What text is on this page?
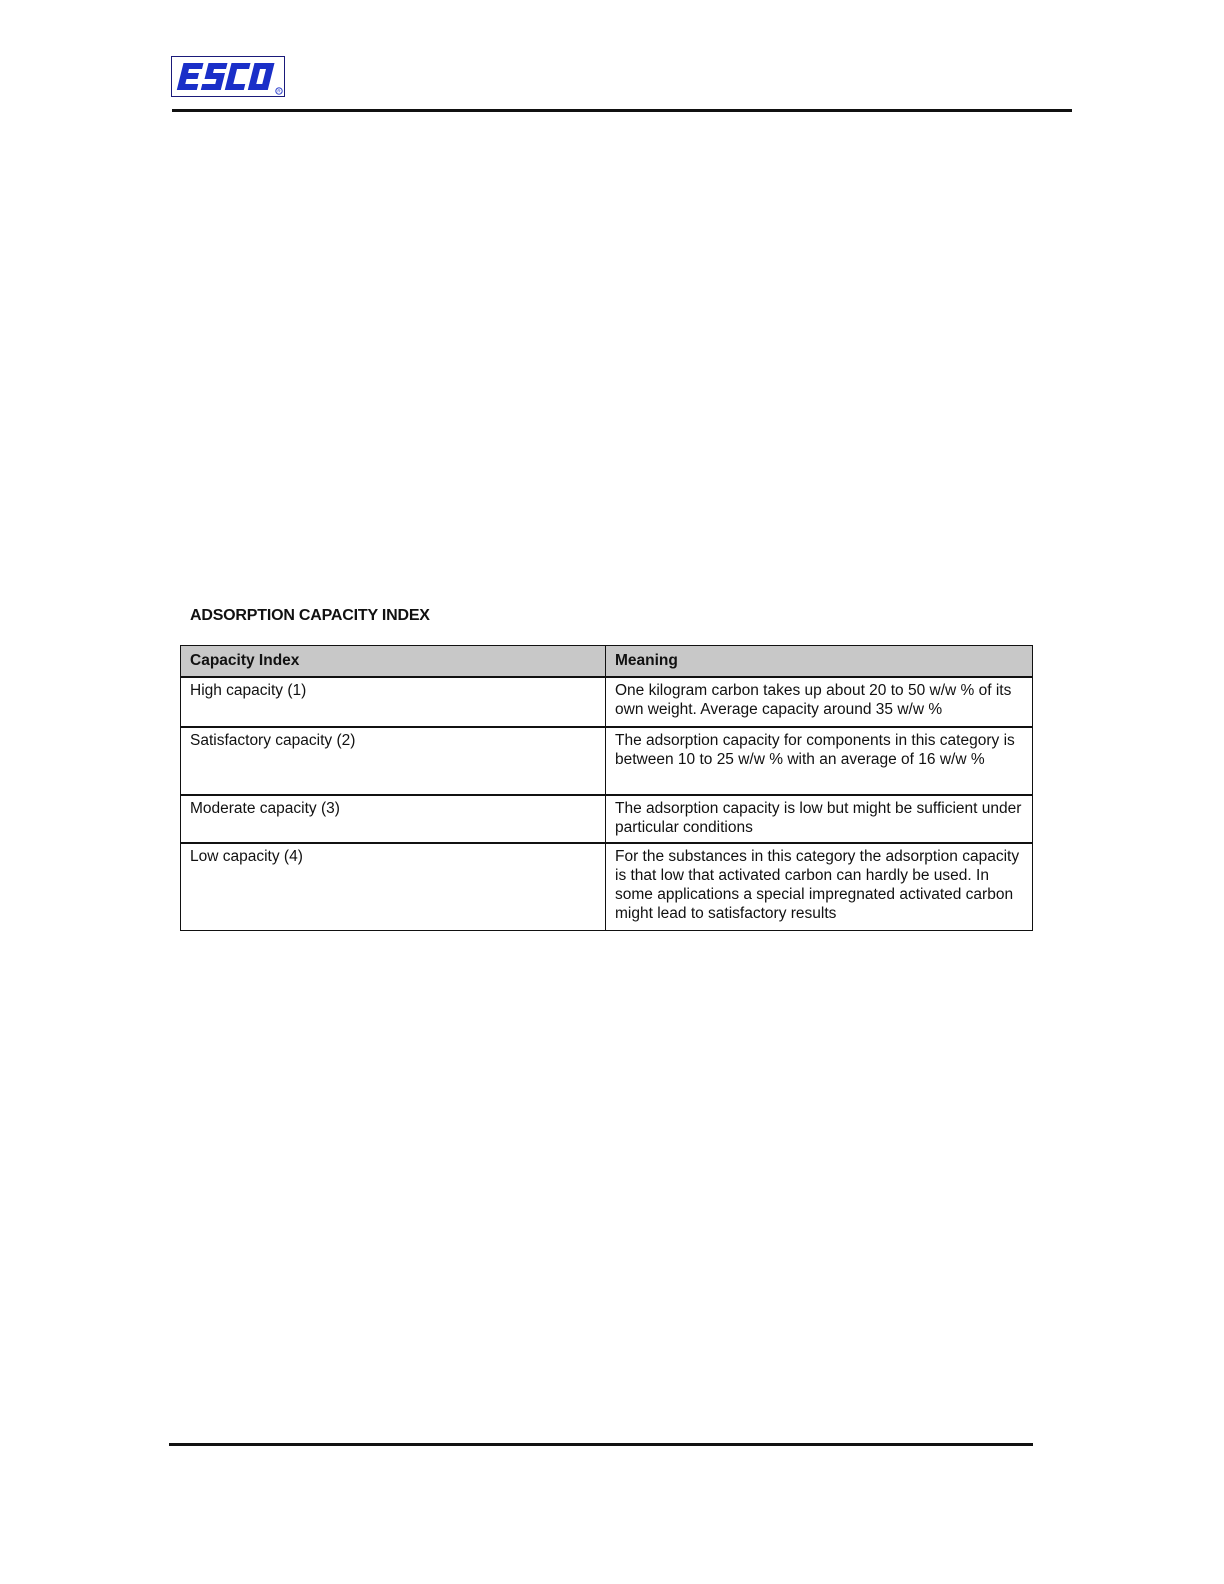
R
ADSORPTION CAPACITY INDEX
Capacity Index	Meaning
High capacity (1)	One kilogram carbon takes up about 20 to 50 w/w % of its own weight. Average capacity around 35 w/w %
Satisfactory capacity (2)	The adsorption capacity for components in this category is between 10 to 25 w/w % with an average of 16 w/w %
Moderate capacity (3)	The adsorption capacity is low but might be sufficient under particular conditions
Low capacity (4)	For the substances in this category the adsorption capacity is that low that activated carbon can hardly be used. In some applications a special impregnated activated carbon might lead to satisfactory results
